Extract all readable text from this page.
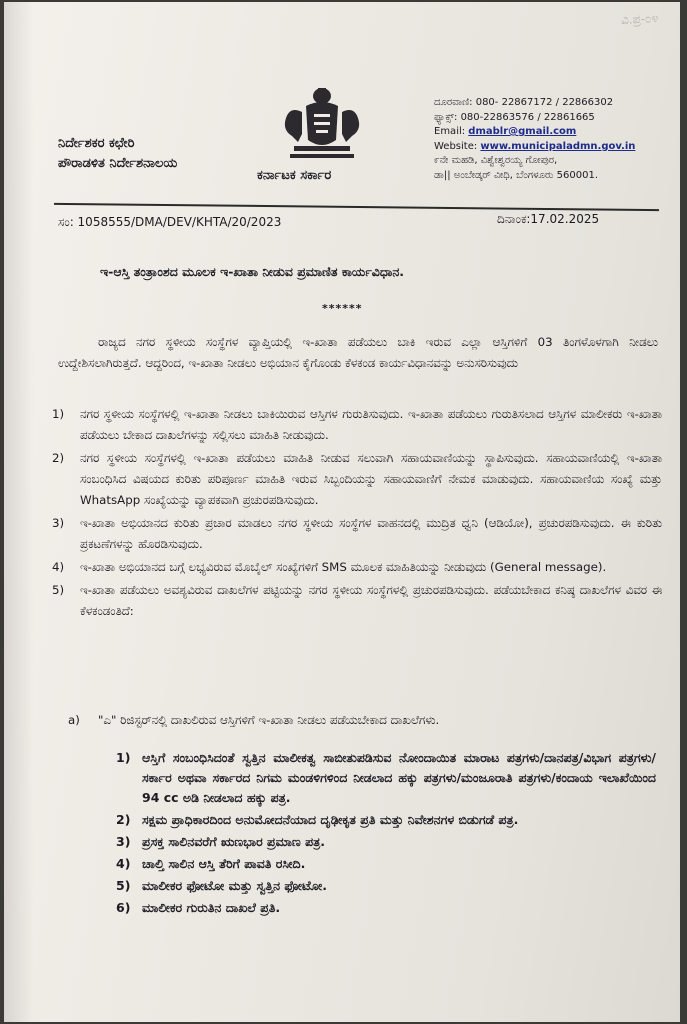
ವಿ.ಪ್ರ-೦೪
ನಿರ್ದೇಶಕರ ಕಛೇರಿ
ಪೌರಾಡಳಿತ ನಿರ್ದೇಶನಾಲಯ
ಕರ್ನಾಟಕ ಸರ್ಕಾರ
ದೂರವಾಣಿ: 080- 22867172 / 22866302
ಫ್ಯಾಕ್ಸ್: 080-22863576 / 22861665
Email: dmablr@gmail.com
Website: www.municipaladmn.gov.in
೯ನೇ ಮಹಡಿ, ವಿಶ್ವೇಶ್ವರಯ್ಯ ಗೋಪುರ,
ಡಾ|| ಅಂಬೇಡ್ಕರ್ ವೀಧಿ, ಬೆಂಗಳೂರು 560001.
ಸಂ: 1058555/DMA/DEV/KHTA/20/2023	ದಿನಾಂಕ:17.02.2025
ಇ-ಆಸ್ತಿ ತಂತ್ರಾಂಶದ ಮೂಲಕ ಇ-ಖಾತಾ ನೀಡುವ ಪ್ರಮಾಣಿತ ಕಾರ್ಯವಿಧಾನ.
******
ರಾಜ್ಯದ ನಗರ ಸ್ಥಳೀಯ ಸಂಸ್ಥೆಗಳ ವ್ಯಾಪ್ತಿಯಲ್ಲಿ ಇ-ಖಾತಾ ಪಡೆಯಲು ಬಾಕಿ ಇರುವ ಎಲ್ಲಾ ಆಸ್ತಿಗಳಿಗೆ 03 ತಿಂಗಳೊಳಗಾಗಿ ನೀಡಲು ಉದ್ದೇಶಿಸಲಾಗಿರುತ್ತದೆ. ಆದ್ದರಿಂದ, ಇ-ಖಾತಾ ನೀಡಲು ಅಭಿಯಾನ ಕೈಗೊಂಡು ಕೆಳಕಂಡ ಕಾರ್ಯವಿಧಾನವನ್ನು ಅನುಸರಿಸುವುದು
1)	ನಗರ ಸ್ಥಳೀಯ ಸಂಸ್ಥೆಗಳಲ್ಲಿ ಇ-ಖಾತಾ ನೀಡಲು ಬಾಕಿಯಿರುವ ಆಸ್ತಿಗಳ ಗುರುತಿಸುವುದು. ಇ-ಖಾತಾ ಪಡೆಯಲು ಗುರುತಿಸಲಾದ ಆಸ್ತಿಗಳ ಮಾಲೀಕರು ಇ-ಖಾತಾ ಪಡೆಯಲು ಬೇಕಾದ ದಾಖಲೆಗಳನ್ನು ಸಲ್ಲಿಸಲು ಮಾಹಿತಿ ನೀಡುವುದು.
2)	ನಗರ ಸ್ಥಳೀಯ ಸಂಸ್ಥೆಗಳಲ್ಲಿ ಇ-ಖಾತಾ ಪಡೆಯಲು ಮಾಹಿತಿ ನೀಡುವ ಸಲುವಾಗಿ ಸಹಾಯವಾಣಿಯನ್ನು ಸ್ಥಾಪಿಸುವುದು. ಸಹಾಯವಾಣಿಯಲ್ಲಿ ಇ-ಖಾತಾ ಸಂಬಂಧಿಸಿದ ವಿಷಯದ ಕುರಿತು ಪರಿಪೂರ್ಣ ಮಾಹಿತಿ ಇರುವ ಸಿಬ್ಬಂದಿಯನ್ನು ಸಹಾಯವಾಣಿಗೆ ನೇಮಕ ಮಾಡುವುದು. ಸಹಾಯವಾಣಿಯ ಸಂಖ್ಯೆ ಮತ್ತು WhatsApp ಸಂಖ್ಯೆಯನ್ನು ವ್ಯಾಪಕವಾಗಿ ಪ್ರಚುರಪಡಿಸುವುದು.
3)	ಇ-ಖಾತಾ ಅಭಿಯಾನದ ಕುರಿತು ಪ್ರಚಾರ ಮಾಡಲು ನಗರ ಸ್ಥಳೀಯ ಸಂಸ್ಥೆಗಳ ವಾಹನದಲ್ಲಿ ಮುದ್ರಿತ ಧ್ವನಿ (ಆಡಿಯೋ), ಪ್ರಚುರಪಡಿಸುವುದು. ಈ ಕುರಿತು ಪ್ರಕಟಣೆಗಳನ್ನು ಹೊರಡಿಸುವುದು.
4)	ಇ-ಖಾತಾ ಅಭಿಯಾನದ ಬಗ್ಗೆ ಲಭ್ಯವಿರುವ ಮೊಬೈಲ್ ಸಂಖ್ಯೆಗಳಿಗೆ SMS ಮೂಲಕ ಮಾಹಿತಿಯನ್ನು ನೀಡುವುದು (General message).
5)	ಇ-ಖಾತಾ ಪಡೆಯಲು ಅವಶ್ಯವಿರುವ ದಾಖಲೆಗಳ ಪಟ್ಟಿಯನ್ನು ನಗರ ಸ್ಥಳೀಯ ಸಂಸ್ಥೆಗಳಲ್ಲಿ ಪ್ರಚುರಪಡಿಸುವುದು. ಪಡೆಯಬೇಕಾದ ಕನಿಷ್ಠ ದಾಖಲೆಗಳ ವಿವರ ಈ ಕೆಳಕಂಡಂತಿದೆ:
a)	"ಎ" ರಿಜಿಸ್ಟರ್‌ನಲ್ಲಿ ದಾಖಲಿರುವ ಆಸ್ತಿಗಳಿಗೆ ಇ-ಖಾತಾ ನೀಡಲು ಪಡೆಯಬೇಕಾದ ದಾಖಲೆಗಳು.
1) ಆಸ್ತಿಗೆ ಸಂಬಂಧಿಸಿದಂತೆ ಸ್ವತ್ತಿನ ಮಾಲೀಕತ್ವ ಸಾಬೀತುಪಡಿಸುವ ನೋಂದಾಯಿತ ಮಾರಾಟ ಪತ್ರಗಳು/ದಾನಪತ್ರ/ವಿಭಾಗ ಪತ್ರಗಳು/ಸರ್ಕಾರ ಅಥವಾ ಸರ್ಕಾರದ ನಿಗಮ ಮಂಡಳಿಗಳಿಂದ ನೀಡಲಾದ ಹಕ್ಕು ಪತ್ರಗಳು/ಮಂಜೂರಾತಿ ಪತ್ರಗಳು/ಕಂದಾಯ ಇಲಾಖೆಯಿಂದ 94 cc ಅಡಿ ನೀಡಲಾದ ಹಕ್ಕು ಪತ್ರ.
2) ಸಕ್ಷಮ ಪ್ರಾಧಿಕಾರದಿಂದ ಅನುಮೋದನೆಯಾದ ದೃಢೀಕೃತ ಪ್ರತಿ ಮತ್ತು ನಿವೇಶನಗಳ ಬಿಡುಗಡೆ ಪತ್ರ.
3) ಪ್ರಸಕ್ತ ಸಾಲಿನವರೆಗೆ ಋಣಭಾರ ಪ್ರಮಾಣ ಪತ್ರ.
4) ಚಾಲ್ತಿ ಸಾಲಿನ ಆಸ್ತಿ ತೆರಿಗೆ ಪಾವತಿ ರಸೀದಿ.
5) ಮಾಲೀಕರ ಫೋಟೋ ಮತ್ತು ಸ್ವತ್ತಿನ ಫೋಟೋ.
6) ಮಾಲೀಕರ ಗುರುತಿನ ದಾಖಲೆ ಪ್ರತಿ.
